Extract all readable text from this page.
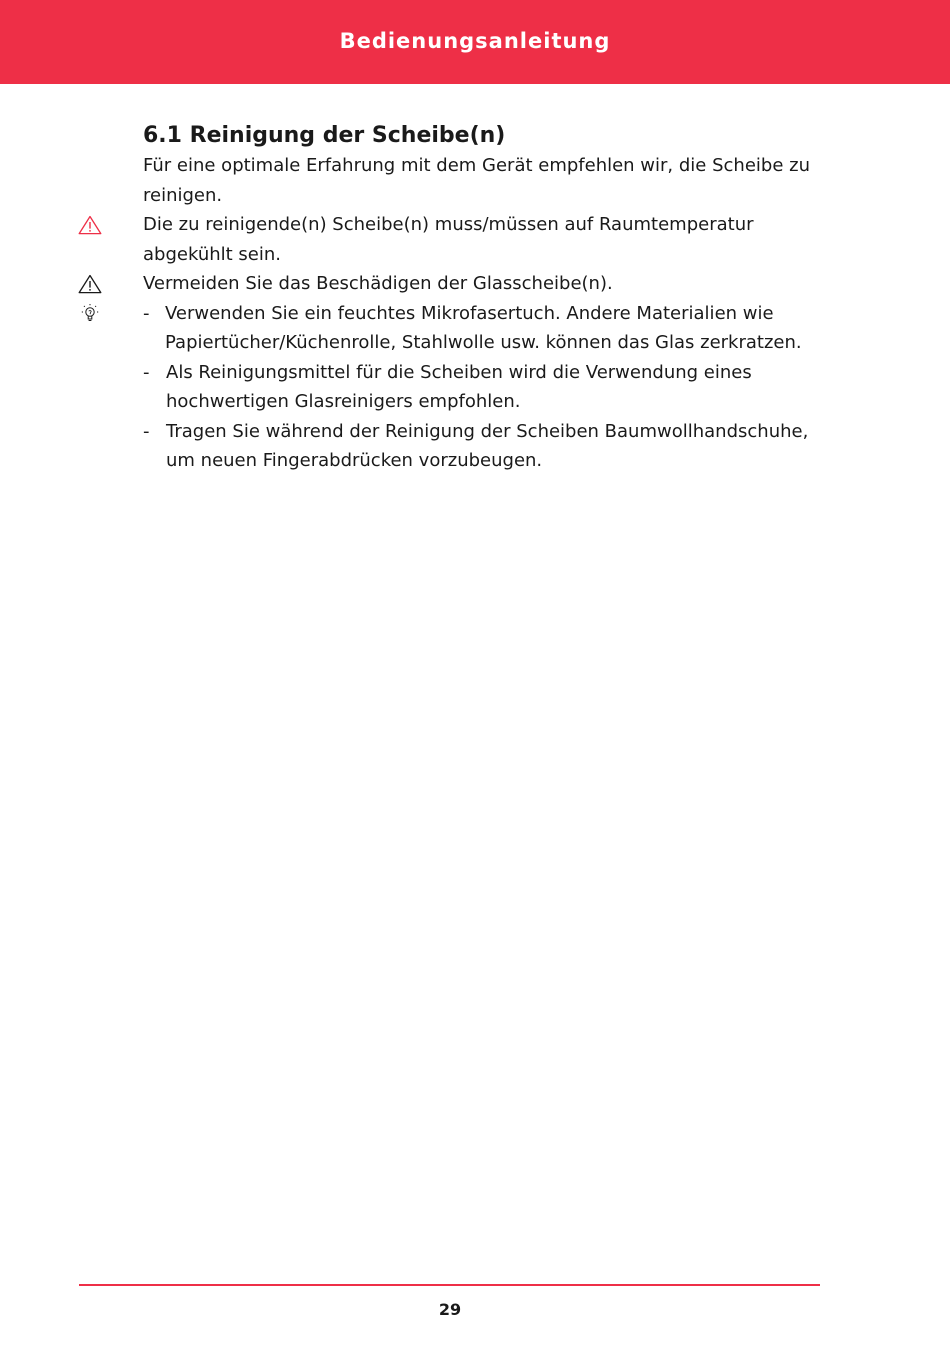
Bedienungsanleitung
6.1 Reinigung der Scheibe(n)

Für eine optimale Erfahrung mit dem Gerät empfehlen wir, die Scheibe zu reinigen.

Die zu reinigende(n) Scheibe(n) muss/müssen auf Raumtemperatur abgekühlt sein.

Vermeiden Sie das Beschädigen der Glasscheibe(n).

- Verwenden Sie ein feuchtes Mikrofasertuch. Andere Materialien wie Papiertücher/Küchenrolle, Stahlwolle usw. können das Glas zerkratzen.
- Als Reinigungsmittel für die Scheiben wird die Verwendung eines hochwertigen Glasreinigers empfohlen.
- Tragen Sie während der Reinigung der Scheiben Baumwollhandschuhe, um neuen Fingerabdrücken vorzubeugen.
29
